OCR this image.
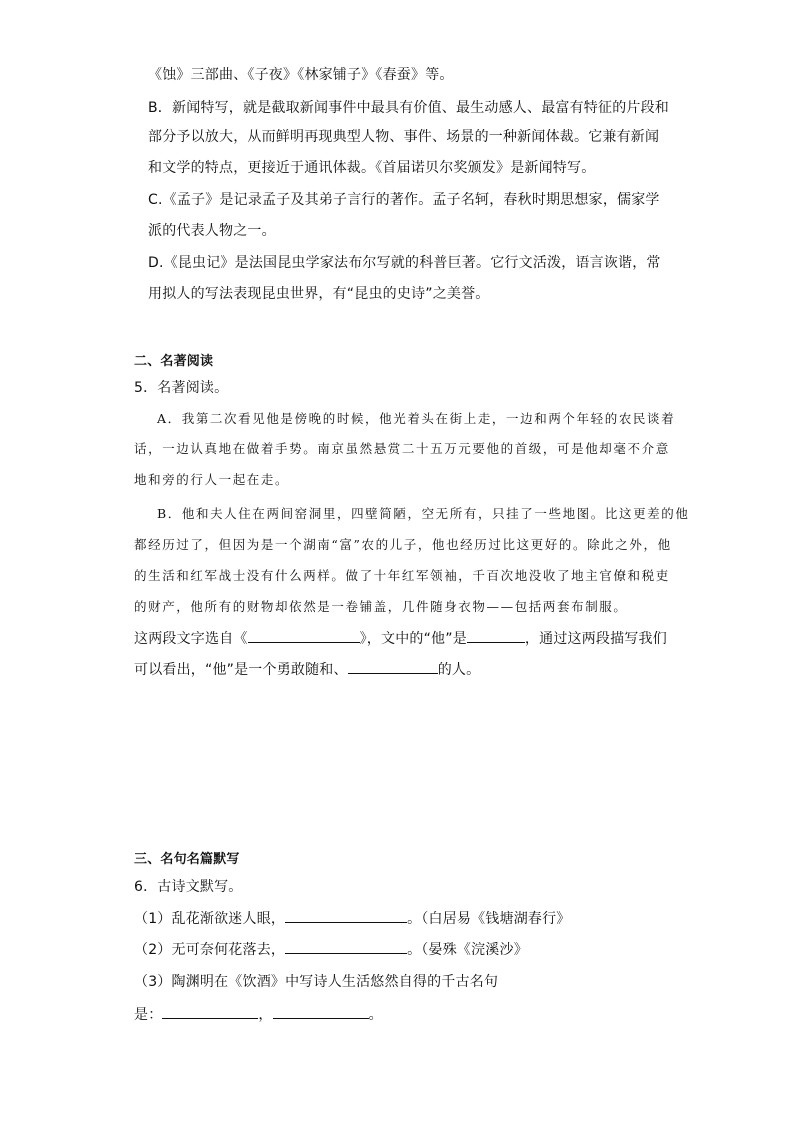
《蚀》三部曲、《子夜》《林家铺子》《春蚕》等。
B．新闻特写，就是截取新闻事件中最具有价值、最生动感人、最富有特征的片段和
部分予以放大，从而鲜明再现典型人物、事件、场景的一种新闻体裁。它兼有新闻
和文学的特点，更接近于通讯体裁。《首届诺贝尔奖颁发》是新闻特写。
C.《孟子》是记录孟子及其弟子言行的著作。孟子名轲，春秋时期思想家，儒家学
派的代表人物之一。
D.《昆虫记》是法国昆虫学家法布尔写就的科普巨著。它行文活泼，语言诙谐，常
用拟人的写法表现昆虫世界，有“昆虫的史诗”之美誉。
二、名著阅读
5．名著阅读。
A．我第二次看见他是傍晚的时候，他光着头在街上走，一边和两个年轻的农民谈着
话，一边认真地在做着手势。南京虽然悬赏二十五万元要他的首级，可是他却毫不介意
地和旁的行人一起在走。
B．他和夫人住在两间窑洞里，四壁简陋，空无所有，只挂了一些地图。比这更差的他
都经历过了，但因为是一个湖南“富”农的儿子，他也经历过比这更好的。除此之外，他
的生活和红军战士没有什么两样。做了十年红军领袖，千百次地没收了地主官僚和税吏
的财产，他所有的财物却依然是一卷铺盖，几件随身衣物——包括两套布制服。
这两段文字选自《	》，文中的“他”是	，通过这两段描写我们
可以看出，“他”是一个勇敢随和、	的人。
三、名句名篇默写
6．古诗文默写。
（1）乱花渐欲迷人眼，	。（白居易《钱塘湖春行》
（2）无可奈何花落去，	。（晏殊《浣溪沙》
（3）陶渊明在《饮酒》中写诗人生活悠然自得的千古名句
是：	，	。
